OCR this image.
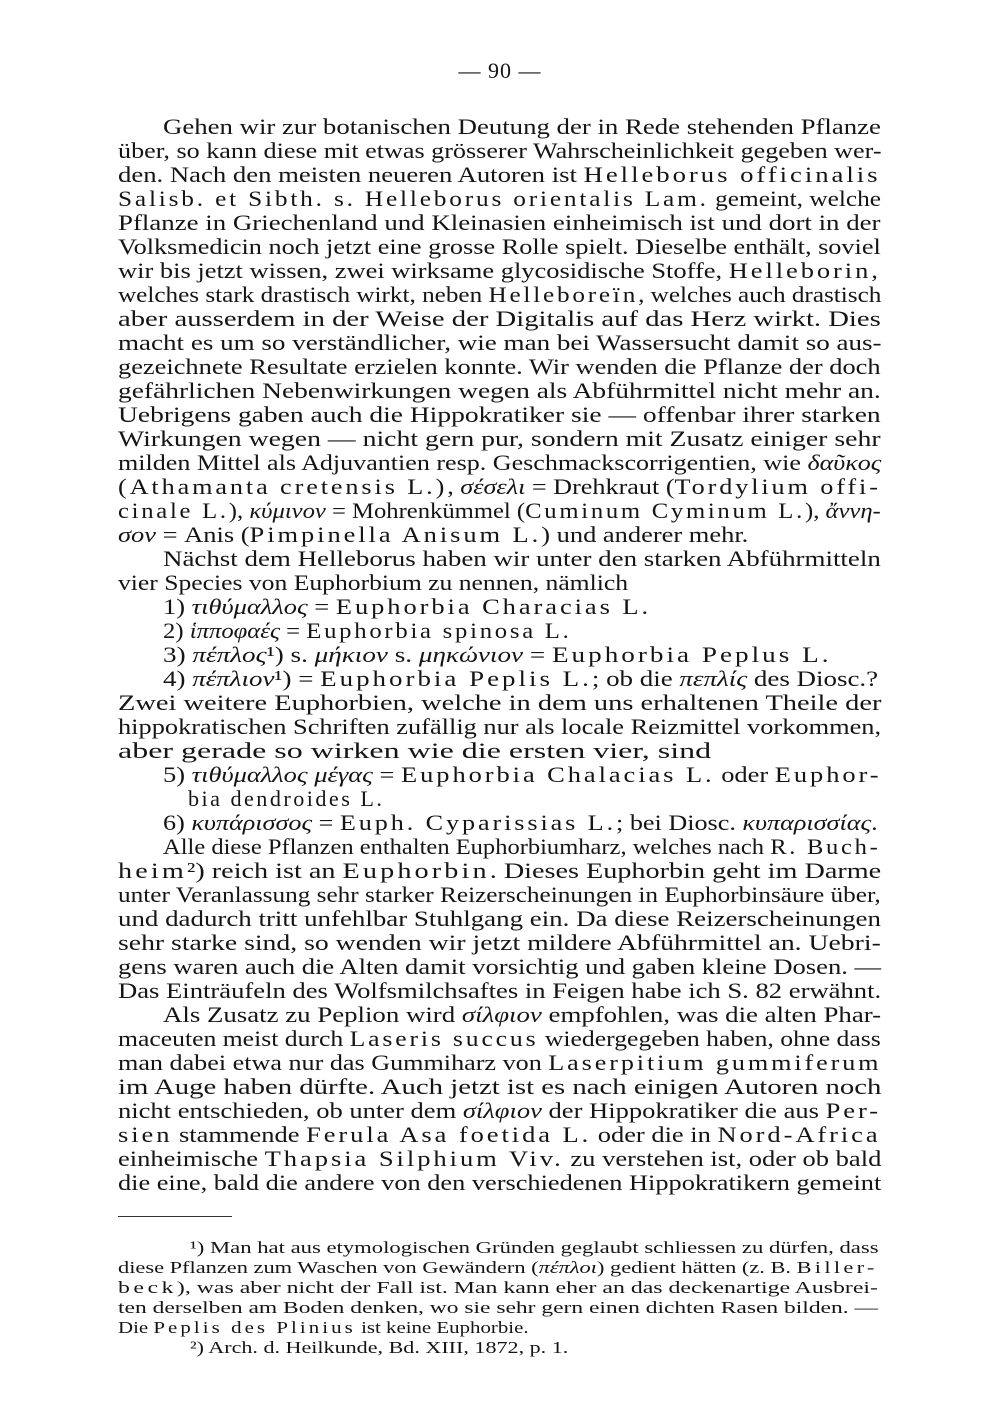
— 90 —
Gehen wir zur botanischen Deutung der in Rede stehenden Pflanze
über, so kann diese mit etwas grösserer Wahrscheinlichkeit gegeben wer-
den. Nach den meisten neueren Autoren ist Helleborus officinalis
Salisb. et Sibth. s. Helleborus orientalis Lam. gemeint, welche
Pflanze in Griechenland und Kleinasien einheimisch ist und dort in der
Volksmedicin noch jetzt eine grosse Rolle spielt. Dieselbe enthält, soviel
wir bis jetzt wissen, zwei wirksame glycosidische Stoffe, Helleborin,
welches stark drastisch wirkt, neben Helleboreïn, welches auch drastisch
aber ausserdem in der Weise der Digitalis auf das Herz wirkt. Dies
macht es um so verständlicher, wie man bei Wassersucht damit so aus-
gezeichnete Resultate erzielen konnte. Wir wenden die Pflanze der doch
gefährlichen Nebenwirkungen wegen als Abführmittel nicht mehr an.
Uebrigens gaben auch die Hippokratiker sie — offenbar ihrer starken
Wirkungen wegen — nicht gern pur, sondern mit Zusatz einiger sehr
milden Mittel als Adjuvantien resp. Geschmackscorrigentien, wie δαῦκος
(Athamanta cretensis L.), σέσελι = Drehkraut (Tordylium offi-
cinale L.), κύμινον = Mohrenkümmel (Cuminum Cyminum L.), ἄννη-
σον = Anis (Pimpinella Anisum L.) und anderer mehr.
Nächst dem Helleborus haben wir unter den starken Abführmitteln
vier Species von Euphorbium zu nennen, nämlich
1) τιθύμαλλος = Euphorbia Characias L.
2) ἱπποφαές = Euphorbia spinosa L.
3) πέπλος¹) s. μήκιον s. μηκώνιον = Euphorbia Peplus L.
4) πέπλιον¹) = Euphorbia Peplis L.; ob die πεπλίς des Diosc.?
Zwei weitere Euphorbien, welche in dem uns erhaltenen Theile der
hippokratischen Schriften zufällig nur als locale Reizmittel vorkommen,
aber gerade so wirken wie die ersten vier, sind
5) τιθύμαλλος μέγας = Euphorbia Chalacias L. oder Euphor-
bia dendroides L.
6) κυπάρισσος = Euph. Cyparissias L.; bei Diosc. κυπαρισσίας.
Alle diese Pflanzen enthalten Euphorbiumharz, welches nach R. Buch-
heim²) reich ist an Euphorbin. Dieses Euphorbin geht im Darme
unter Veranlassung sehr starker Reizerscheinungen in Euphorbinsäure über,
und dadurch tritt unfehlbar Stuhlgang ein. Da diese Reizerscheinungen
sehr starke sind, so wenden wir jetzt mildere Abführmittel an. Uebri-
gens waren auch die Alten damit vorsichtig und gaben kleine Dosen. —
Das Einträufeln des Wolfsmilchsaftes in Feigen habe ich S. 82 erwähnt.
Als Zusatz zu Peplion wird σίλφιον empfohlen, was die alten Phar-
maceuten meist durch Laseris succus wiedergegeben haben, ohne dass
man dabei etwa nur das Gummiharz von Laserpitium gummiferum
im Auge haben dürfte. Auch jetzt ist es nach einigen Autoren noch
nicht entschieden, ob unter dem σίλφιον der Hippokratiker die aus Per-
sien stammende Ferula Asa foetida L. oder die in Nord-Africa
einheimische Thapsia Silphium Viv. zu verstehen ist, oder ob bald
die eine, bald die andere von den verschiedenen Hippokratikern gemeint
¹) Man hat aus etymologischen Gründen geglaubt schliessen zu dürfen, dass
diese Pflanzen zum Waschen von Gewändern (πέπλοι) gedient hätten (z. B. Biller-
beck), was aber nicht der Fall ist. Man kann eher an das deckenartige Ausbrei-
ten derselben am Boden denken, wo sie sehr gern einen dichten Rasen bilden. —
Die Peplis des Plinius ist keine Euphorbie.
²) Arch. d. Heilkunde, Bd. XIII, 1872, p. 1.
